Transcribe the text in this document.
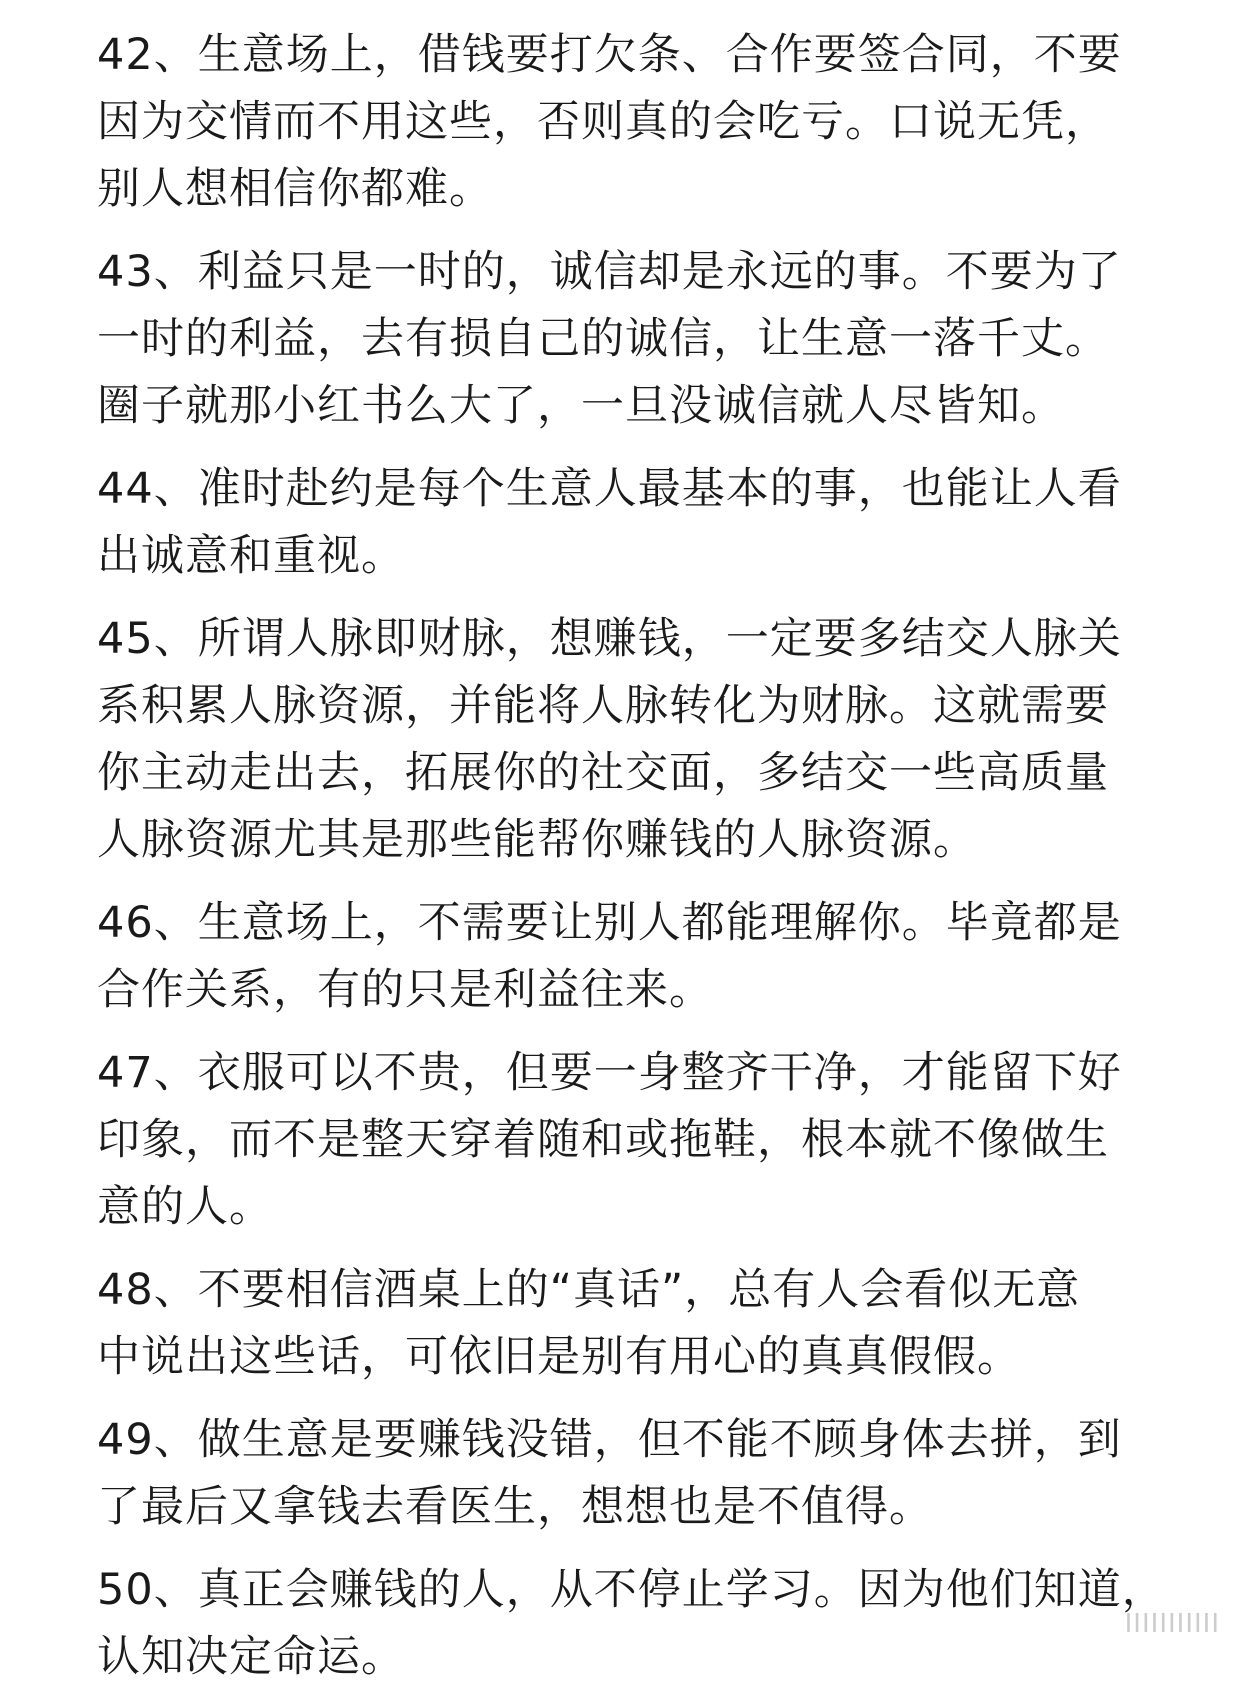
42、生意场上，借钱要打欠条、合作要签合同，不要
因为交情而不用这些，否则真的会吃亏。口说无凭，
别人想相信你都难。

43、利益只是一时的，诚信却是永远的事。不要为了
一时的利益，去有损自己的诚信，让生意一落千丈。
圈子就那小红书么大了，一旦没诚信就人尽皆知。

44、准时赴约是每个生意人最基本的事，也能让人看
出诚意和重视。

45、所谓人脉即财脉，想赚钱，一定要多结交人脉关
系积累人脉资源，并能将人脉转化为财脉。这就需要
你主动走出去，拓展你的社交面，多结交一些高质量
人脉资源尤其是那些能帮你赚钱的人脉资源。

46、生意场上，不需要让别人都能理解你。毕竟都是
合作关系，有的只是利益往来。

47、衣服可以不贵，但要一身整齐干净，才能留下好
印象，而不是整天穿着随和或拖鞋，根本就不像做生
意的人。

48、不要相信酒桌上的“真话”，总有人会看似无意
中说出这些话，可依旧是别有用心的真真假假。

49、做生意是要赚钱没错，但不能不顾身体去拼，到
了最后又拿钱去看医生，想想也是不值得。

50、真正会赚钱的人，从不停止学习。因为他们知道，
认知决定命运。

IIIIIIIIIII
